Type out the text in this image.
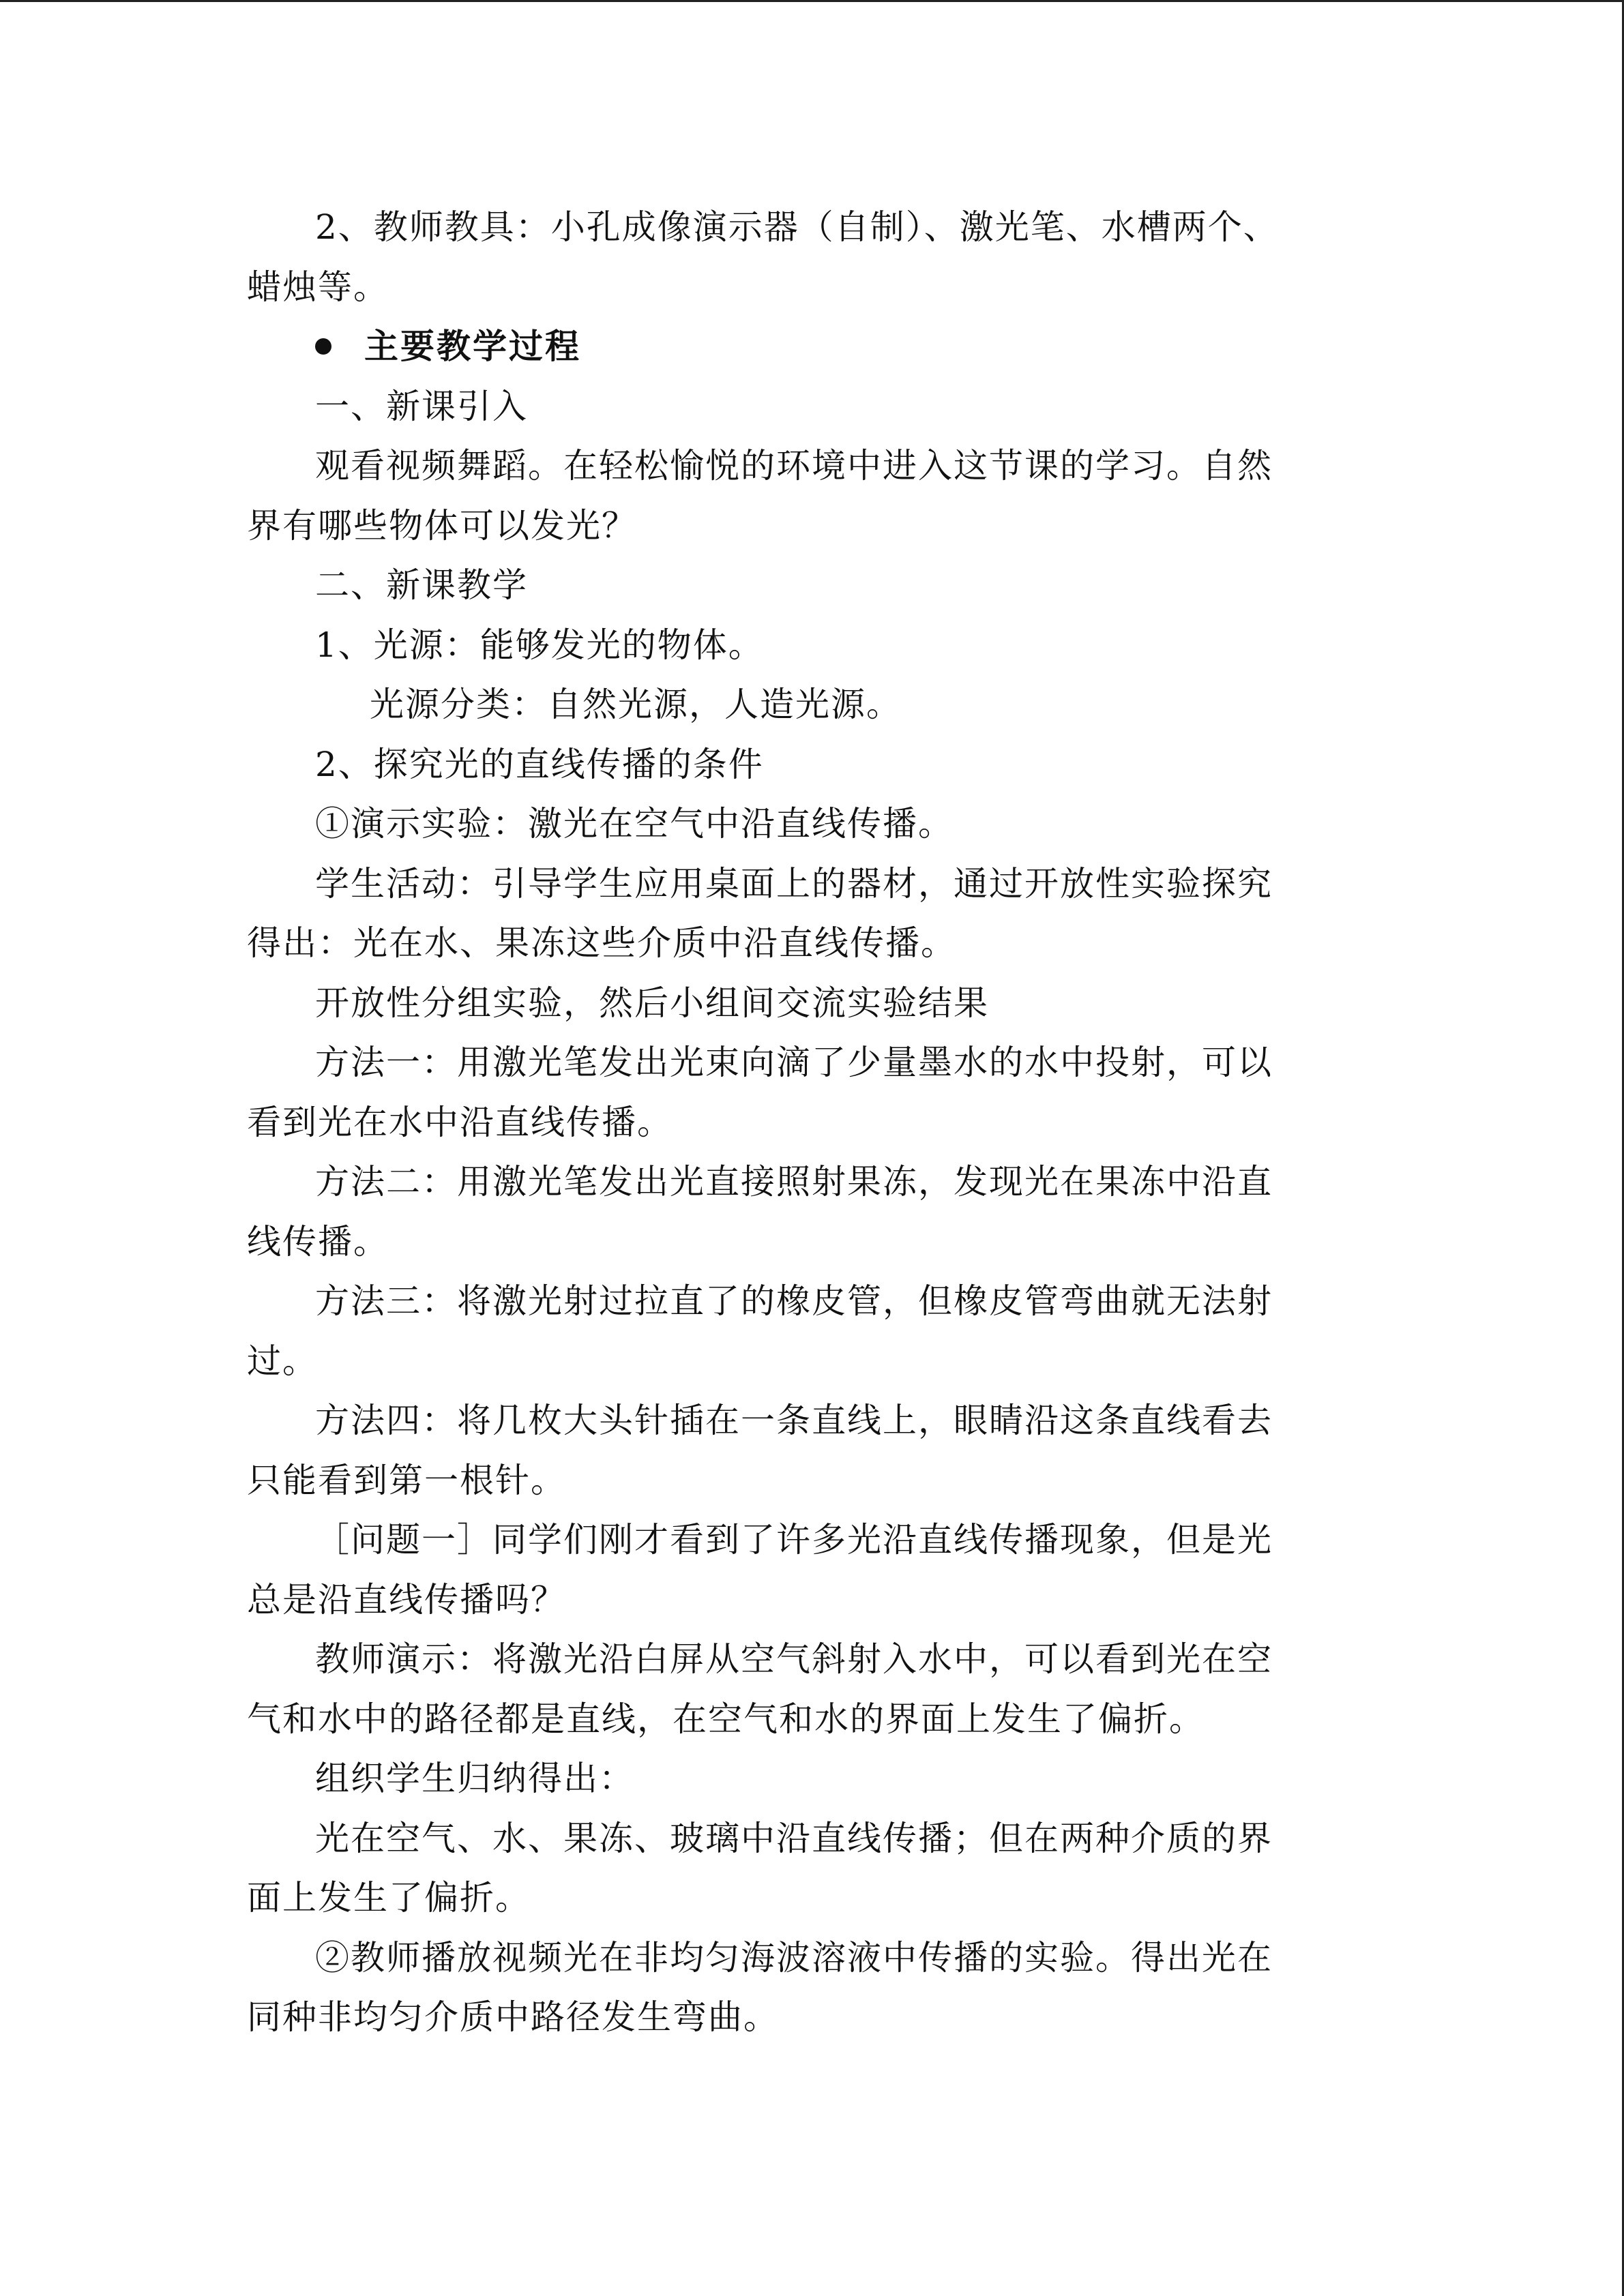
2、教师教具：小孔成像演示器（自制）、激光笔、水槽两个、
蜡烛等。
主要教学过程
一、新课引入
观看视频舞蹈。在轻松愉悦的环境中进入这节课的学习。自然
界有哪些物体可以发光？
二、新课教学
1、光源：能够发光的物体。
光源分类：自然光源，人造光源。
2、探究光的直线传播的条件
①演示实验：激光在空气中沿直线传播。
学生活动：引导学生应用桌面上的器材，通过开放性实验探究
得出：光在水、果冻这些介质中沿直线传播。
开放性分组实验，然后小组间交流实验结果
方法一：用激光笔发出光束向滴了少量墨水的水中投射，可以
看到光在水中沿直线传播。
方法二：用激光笔发出光直接照射果冻，发现光在果冻中沿直
线传播。
方法三：将激光射过拉直了的橡皮管，但橡皮管弯曲就无法射
过。
方法四：将几枚大头针插在一条直线上，眼睛沿这条直线看去
只能看到第一根针。
［问题一］同学们刚才看到了许多光沿直线传播现象，但是光
总是沿直线传播吗？
教师演示：将激光沿白屏从空气斜射入水中，可以看到光在空
气和水中的路径都是直线，在空气和水的界面上发生了偏折。
组织学生归纳得出：
光在空气、水、果冻、玻璃中沿直线传播；但在两种介质的界
面上发生了偏折。
②教师播放视频光在非均匀海波溶液中传播的实验。得出光在
同种非均匀介质中路径发生弯曲。
